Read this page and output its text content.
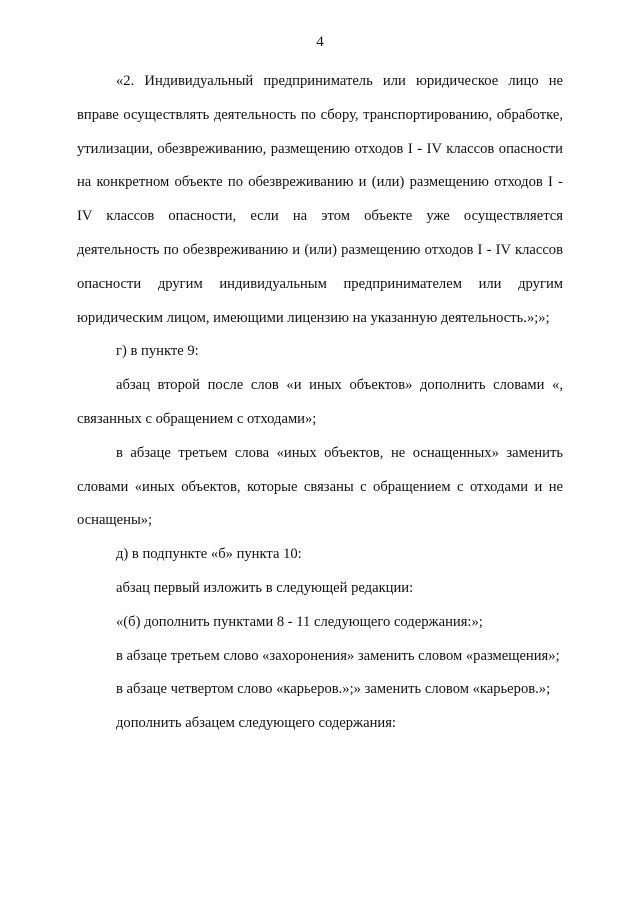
4

«2. Индивидуальный предприниматель или юридическое лицо не вправе осуществлять деятельность по сбору, транспортированию, обработке, утилизации, обезвреживанию, размещению отходов I - IV классов опасности на конкретном объекте по обезвреживанию и (или) размещению отходов I - IV классов опасности, если на этом объекте уже осуществляется деятельность по обезвреживанию и (или) размещению отходов I - IV классов опасности другим индивидуальным предпринимателем или другим юридическим лицом, имеющими лицензию на указанную деятельность.»;»;

г) в пункте 9:

абзац второй после слов «и иных объектов» дополнить словами «, связанных с обращением с отходами»;

в абзаце третьем слова «иных объектов, не оснащенных» заменить словами «иных объектов, которые связаны с обращением с отходами и не оснащены»;

д) в подпункте «б» пункта 10:

абзац первый изложить в следующей редакции:

«(б) дополнить пунктами 8 - 11 следующего содержания:»;

в абзаце третьем слово «захоронения» заменить словом «размещения»;

в абзаце четвертом слово «карьеров.»;» заменить словом «карьеров.»;

дополнить абзацем следующего содержания:
